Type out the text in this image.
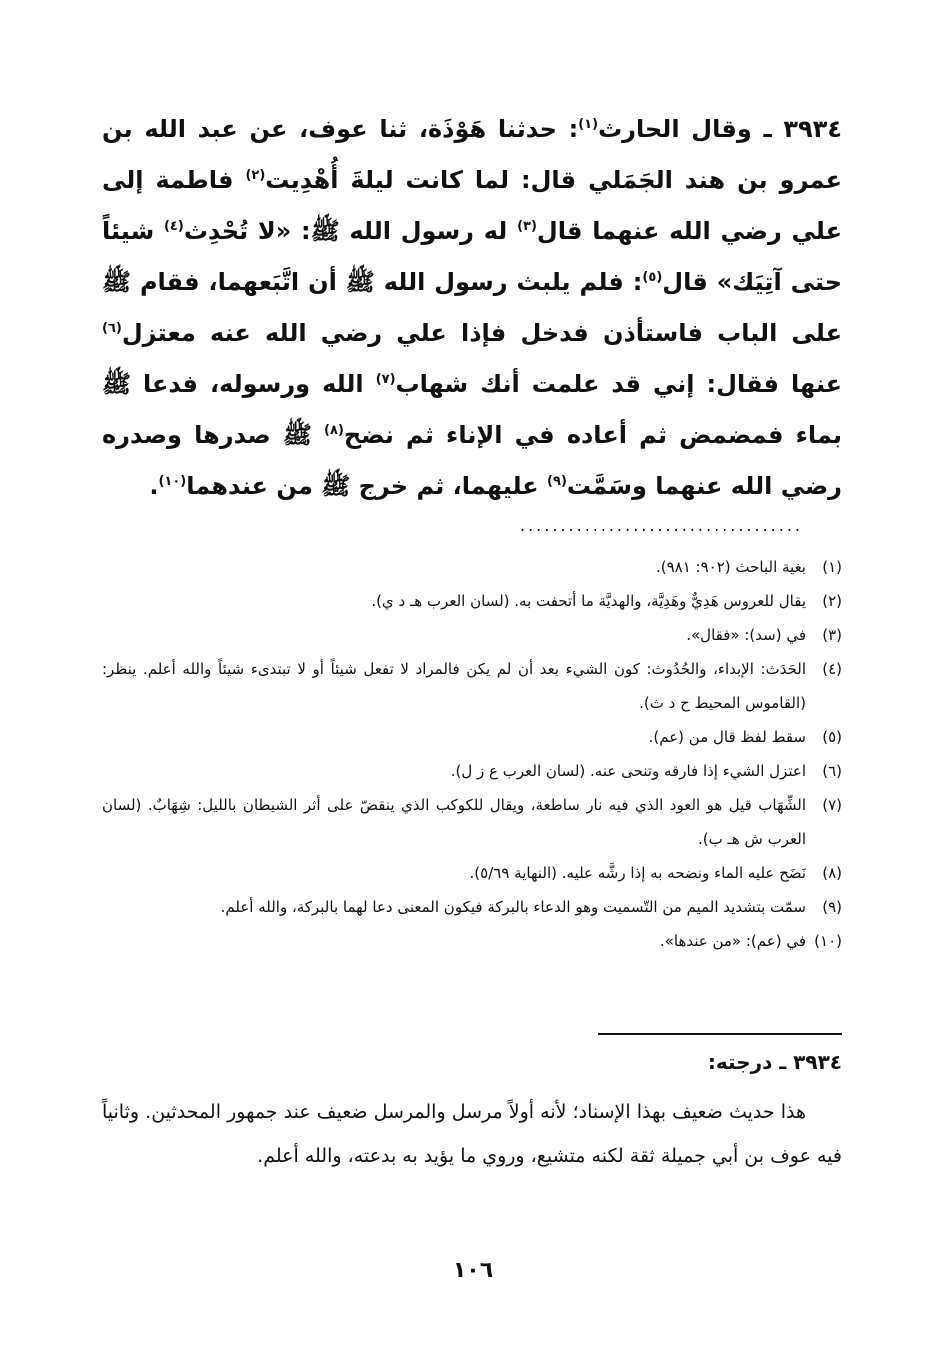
٣٩٣٤ ـ وقال الحارث$^{(١)}$: حدثنا هَوْذَة، ثنا عوف، عن عبد الله بن عمرو بن هند الجَمَلي قال: لما كانت ليلةَ أُهْدِيت$^{(٢)}$ فاطمة إلى علي رضي الله عنهما قال$^{(٣)}$ له رسول الله ﷺ: «لا تُحْدِث$^{(٤)}$ شيئاً حتى آتِيَك» قال$^{(٥)}$: فلم يلبث رسول الله ﷺ أن اتَّبَعهما، فقام ﷺ على الباب فاستأذن فدخل فإذا علي رضي الله عنه معتزل$^{(٦)}$ عنها فقال: إني قد علمت أنك شهاب$^{(٧)}$ الله ورسوله، فدعا ﷺ بماء فمضمض ثم أعاده في الإناء ثم نضح$^{(٨)}$ ﷺ صدرها وصدره رضي الله عنهما وسَمَّت$^{(٩)}$ عليهما، ثم خرج ﷺ من عندهما$^{(١٠)}$.
...................................
(١)
بغية الباحث (٩٠٢: ٩٨١).
(٢)
يقال للعروس هَدِيٌّ وهَدِيَّة، والهديَّة ما أتحفت به. (لسان العرب هـ د ي).
(٣)
في (سد): «فقال».
(٤)
الحَدَث: الإبداء، والحُدُوث: كون الشيء بعد أن لم يكن فالمراد لا تفعل شيئاً أو لا تبتدىء شيئاً والله أعلم. ينظر: (القاموس المحيط ح د ث).
(٥)
سقط لفظ قال من (عم).
(٦)
اعتزل الشيء إذا فارقه وتنحى عنه. (لسان العرب ع ز ل).
(٧)
الشِّهَاب قيل هو العود الذي فيه نار ساطعة، ويقال للكوكب الذي ينقضّ على أثر الشيطان بالليل: شِهَابٌ. (لسان العرب ش هـ ب).
(٨)
نَضَح عليه الماء ونضحه به إذا رشَّه عليه. (النهاية ٥/٦٩).
(٩)
سمّت بتشديد الميم من التّسميت وهو الدعاء بالبركة فيكون المعنى دعا لهما بالبركة، والله أعلم.
(١٠)
في (عم): «من عندها».
٣٩٣٤ ـ درجته:
هذا حديث ضعيف بهذا الإسناد؛ لأنه أولاً مرسل والمرسل ضعيف عند جمهور المحدثين. وثانياً فيه عوف بن أبي جميلة ثقة لكنه متشيع، وروي ما يؤيد به بدعته، والله أعلم.
١٠٦
